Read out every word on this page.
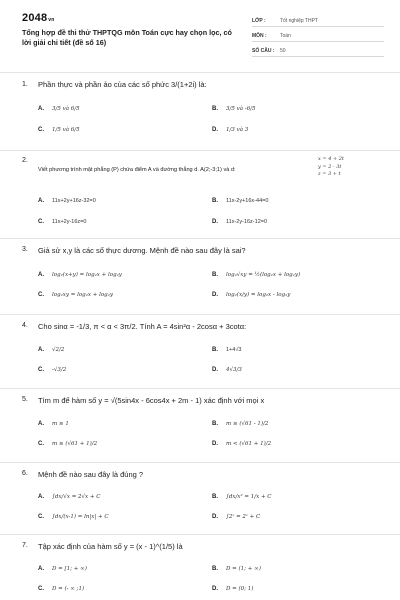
2048vn
Tổng hợp đề thi thử THPTQG môn Toán cực hay chọn lọc, có lời giải chi tiết (đề số 16)
LỚP :	Tốt nghiệp THPT
MÔN :	Toán
SỐ CÂU :	50
1. Phần thực và phần ảo của các số phức 3/(1+2i) là:
A.	3/5 và 6/5	B.	3/5 và -6/5
C.	1/5 và 6/5	D.	1/3 và 3
2.
Viết phương trình mặt phẳng (P) chứa điểm A và đường thẳng d. A(2;-3;1) và d:
x = 4 + 2t
y = 2 - 3t
z = 3 + t
A.	11x+2y+16z-32=0	B.	11x-2y+16x-44=0
C.	11x+2y-16z=0	D.	11x-2y-16z-12=0
3. Giả sử x,y là các số thực dương. Mệnh đề nào sau đây là sai?
A.	log₂(x+y) = log₂x + log₂y	B.	log₂√xy = ½(log₂x + log₂y)
C.	log₂xy = log₂x + log₂y	D.	log₂(x/y) = log₂x - log₂y
4. Cho sinα = -1/3, π < α < 3π/2. Tính A = 4sin²α - 2cosα + 3cotα:
A.	√2/2	B.	1+4√3
C.	-√3/2	D.	4√3/3
5. Tìm m để hàm số y = √(5sin4x - 6cos4x + 2m - 1) xác định với mọi x
A.	m ≥ 1	B.	m ≥ (√61 - 1)/2
C.	m ≥ (√61 + 1)/2	D.	m < (√61 + 1)/2
6. Mệnh đề nào sau đây là đúng ?
A.	∫dx/√x = 2√x + C	B.	∫dx/x² = 1/x + C
C.	∫dx/(x-1) = ln|x| + C	D.	∫2ˣ = 2ˣ + C
7. Tập xác định của hàm số y = (x - 1)^(1/5) là
A.	D = [1; + ∞)	B.	D = (1; + ∞)
C.	D = (- ∞ ;1)	D.	D = (0; 1)
